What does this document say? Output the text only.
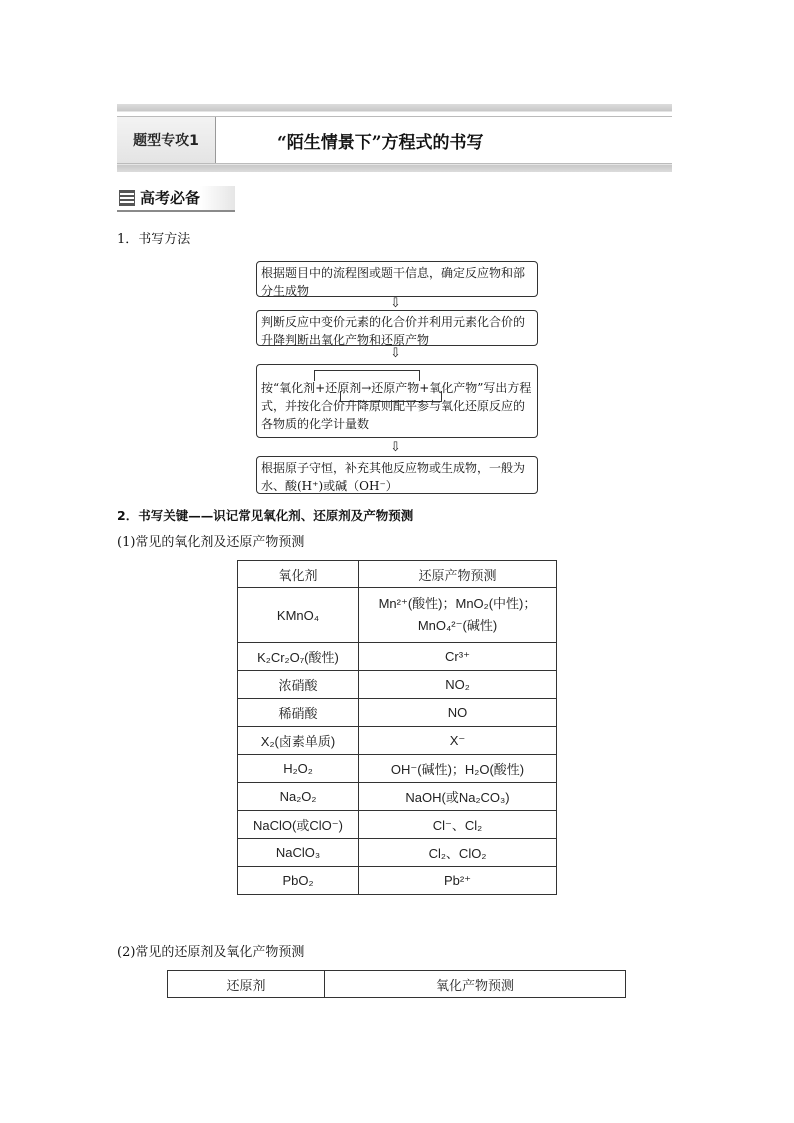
题型专攻1	“陌生情景下”方程式的书写
高考必备
1．书写方法
根据题目中的流程图或题干信息，确定反应物和部分生成物
⇩
判断反应中变价元素的化合价并利用元素化合价的升降判断出氧化产物和还原产物
⇩
按“氧化剂+还原剂→还原产物+氧化产物”写出方程式，并按化合价升降原则配平参与氧化还原反应的各物质的化学计量数
⇩
根据原子守恒，补充其他反应物或生成物，一般为水、酸(H⁺)或碱（OH⁻）
2．书写关键——识记常见氧化剂、还原剂及产物预测
(1)常见的氧化剂及还原产物预测
氧化剂	还原产物预测
KMnO₄	Mn²⁺(酸性)；MnO₂(中性)；MnO₄²⁻(碱性)
K₂Cr₂O₇(酸性)	Cr³⁺
浓硝酸	NO₂
稀硝酸	NO
X₂(卤素单质)	X⁻
H₂O₂	OH⁻(碱性)；H₂O(酸性)
Na₂O₂	NaOH(或Na₂CO₃)
NaClO(或ClO⁻)	Cl⁻、Cl₂
NaClO₃	Cl₂、ClO₂
PbO₂	Pb²⁺
(2)常见的还原剂及氧化产物预测
还原剂	氧化产物预测
